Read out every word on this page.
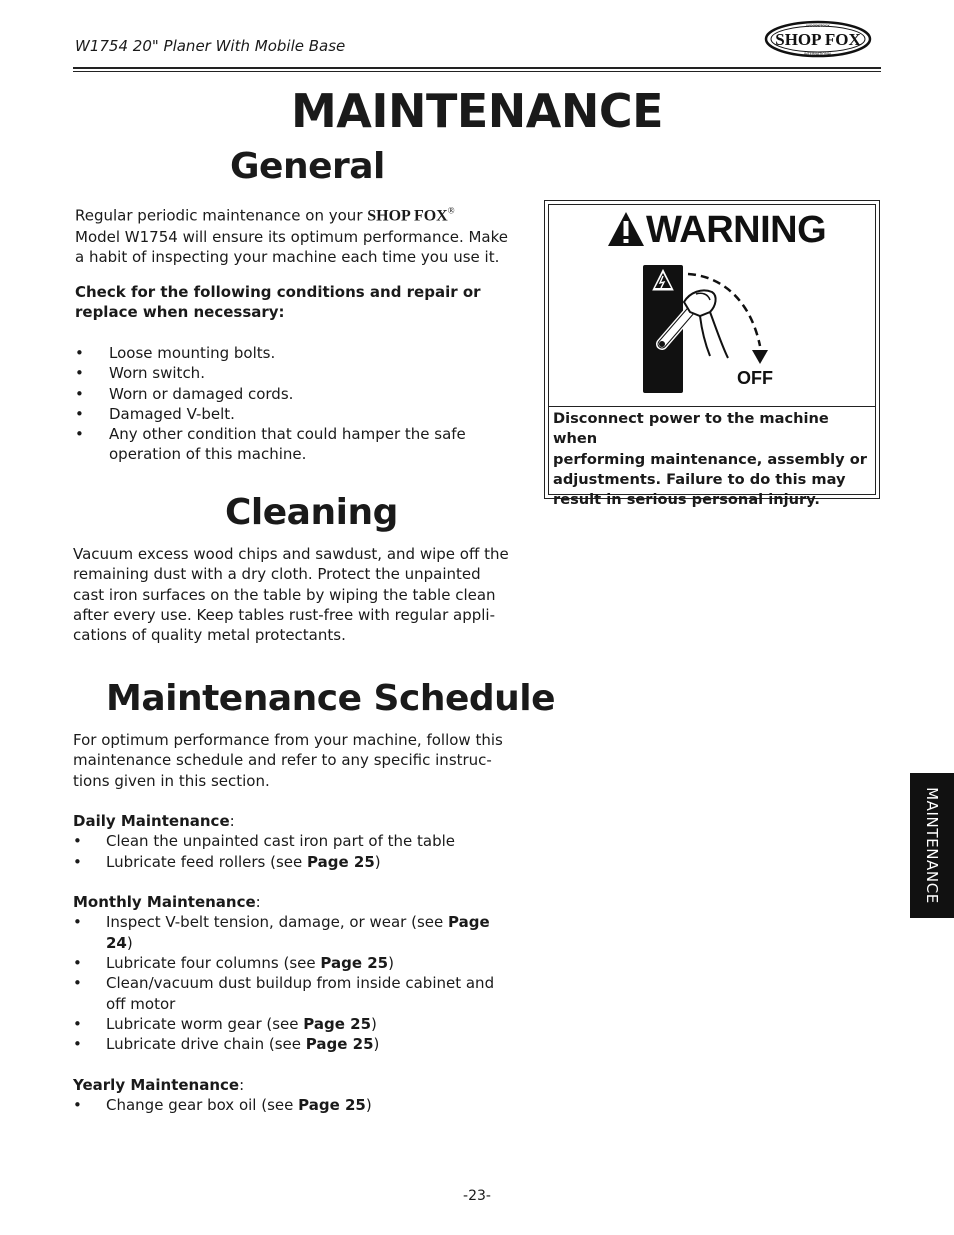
W1754 20" Planer With Mobile Base	SHOP FOX
WOODSTOCK
INTERNATIONAL
MAINTENANCE
General
Regular periodic maintenance on your SHOP FOX®
Model W1754 will ensure its optimum performance. Make
a habit of inspecting your machine each time you use it.
Check for the following conditions and repair or
replace when necessary:
• Loose mounting bolts.
• Worn switch.
• Worn or damaged cords.
• Damaged V-belt.
• Any other condition that could hamper the safe
operation of this machine.
WARNING
OFF
Disconnect power to the machine when
performing maintenance, assembly or
adjustments. Failure to do this may
result in serious personal injury.
Cleaning
Vacuum excess wood chips and sawdust, and wipe off the
remaining dust with a dry cloth. Protect the unpainted
cast iron surfaces on the table by wiping the table clean
after every use. Keep tables rust-free with regular appli-
cations of quality metal protectants.
Maintenance Schedule
For optimum performance from your machine, follow this
maintenance schedule and refer to any specific instruc-
tions given in this section.
Daily Maintenance:
• Clean the unpainted cast iron part of the table
• Lubricate feed rollers (see Page 25)
Monthly Maintenance:
• Inspect V-belt tension, damage, or wear (see Page
24)
• Lubricate four columns (see Page 25)
• Clean/vacuum dust buildup from inside cabinet and
off motor
• Lubricate worm gear (see Page 25)
• Lubricate drive chain (see Page 25)
Yearly Maintenance:
• Change gear box oil (see Page 25)
MAINTENANCE
-23-
